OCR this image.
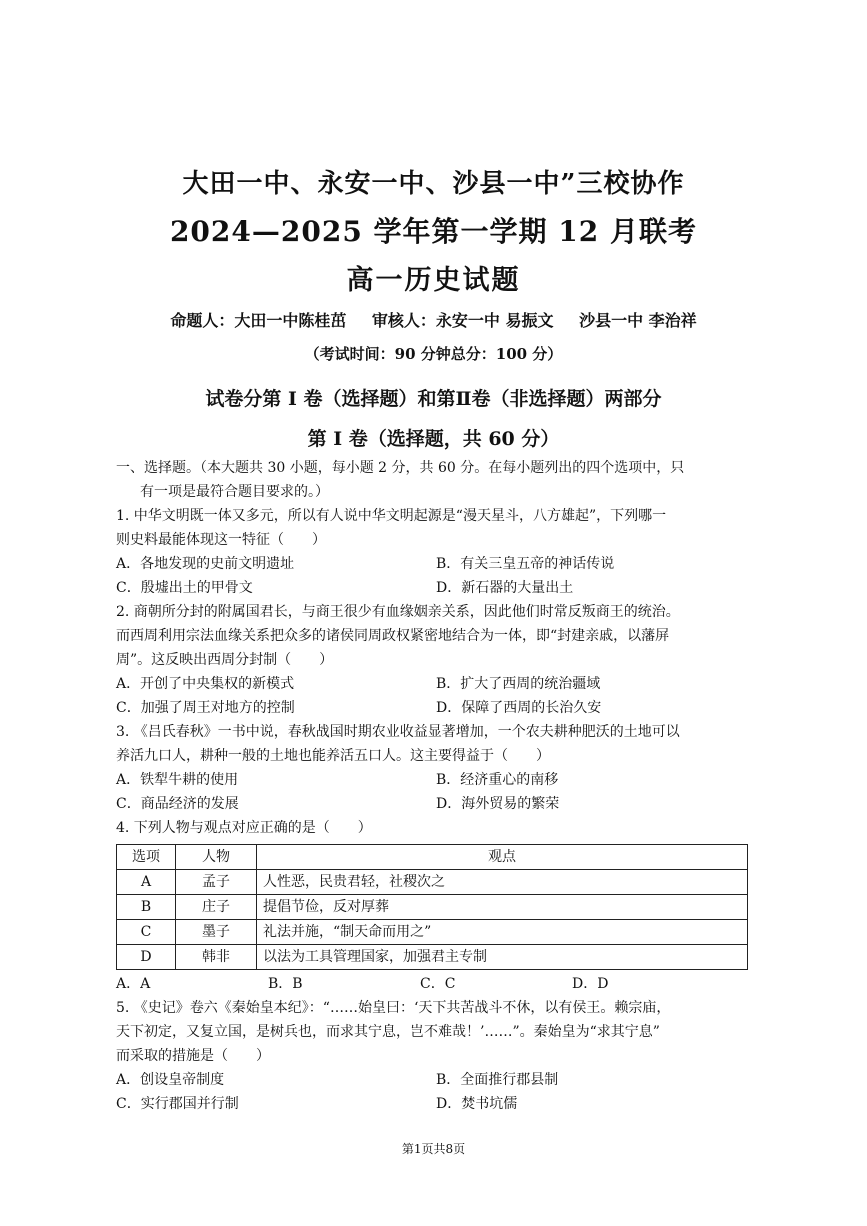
大田一中、永安一中、沙县一中”三校协作
2024—2025 学年第一学期 12 月联考
高一历史试题
命题人：大田一中陈桂茁 审核人：永安一中 易振文 沙县一中 李治祥
（考试时间：90 分钟总分：100 分）
试卷分第 I 卷（选择题）和第Ⅱ卷（非选择题）两部分
第 I 卷（选择题，共 60 分）
一、选择题。（本大题共 30 小题，每小题 2 分，共 60 分。在每小题列出的四个选项中，只
有一项是最符合题目要求的。）
1. 中华文明既一体又多元，所以有人说中华文明起源是“漫天星斗，八方雄起”，下列哪一
则史料最能体现这一特征（　　）
A．各地发现的史前文明遗址	B．有关三皇五帝的神话传说
C．殷墟出土的甲骨文	D．新石器的大量出土
2. 商朝所分封的附属国君长，与商王很少有血缘姻亲关系，因此他们时常反叛商王的统治。
而西周利用宗法血缘关系把众多的诸侯同周政权紧密地结合为一体，即“封建亲戚，以藩屏
周”。这反映出西周分封制（　　）
A．开创了中央集权的新模式	B．扩大了西周的统治疆域
C．加强了周王对地方的控制	D．保障了西周的长治久安
3. 《吕氏春秋》一书中说，春秋战国时期农业收益显著增加，一个农夫耕种肥沃的土地可以
养活九口人，耕种一般的土地也能养活五口人。这主要得益于（　　）
A．铁犁牛耕的使用	B．经济重心的南移
C．商品经济的发展	D．海外贸易的繁荣
4. 下列人物与观点对应正确的是（　　）
选项	人物	观点
A	孟子	人性恶，民贵君轻，社稷次之
B	庄子	提倡节俭，反对厚葬
C	墨子	礼法并施，“制天命而用之”
D	韩非	以法为工具管理国家，加强君主专制
A．A	B．B	C．C	D．D
5. 《史记》卷六《秦始皇本纪》：“……始皇曰：‘天下共苦战斗不休，以有侯王。赖宗庙，
天下初定，又复立国，是树兵也，而求其宁息，岂不难哉！’……”。秦始皇为“求其宁息”
而采取的措施是（　　）
A．创设皇帝制度	B．全面推行郡县制
C．实行郡国并行制	D．焚书坑儒
第1页共8页
